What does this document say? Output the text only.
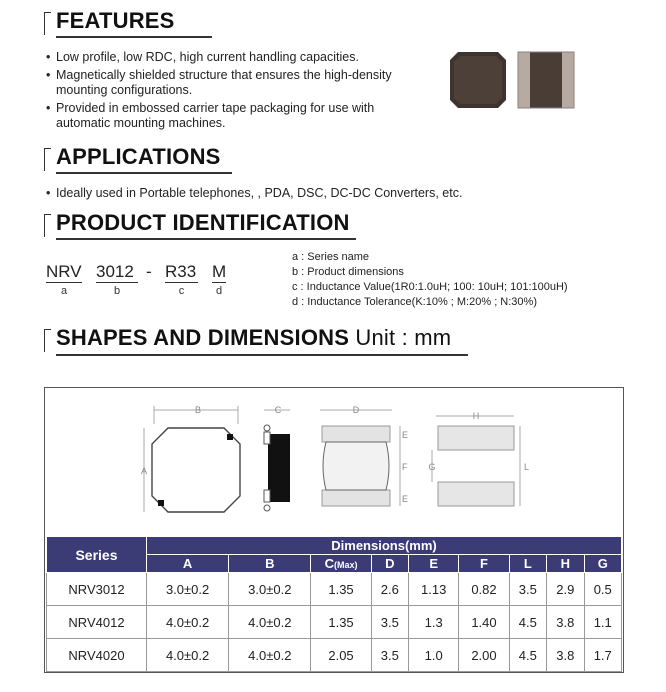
FEATURES
• Low profile, low RDC, high current handling capacities.
• Magnetically shielded structure that ensures the high-density mounting configurations.
• Provided in embossed carrier tape packaging for use with automatic mounting machines.
APPLICATIONS
• Ideally used in Portable telephones, , PDA, DSC, DC-DC Converters, etc.
PRODUCT IDENTIFICATION
NRV 3012 - R33 M
a	b	c	d
a : Series name
b : Product dimensions
c : Inductance Value(1R0:1.0uH; 100: 10uH; 101:100uH)
d : Inductance Tolerance(K:10% ; M:20% ; N:30%)
SHAPES AND DIMENSIONS Unit : mm
B
A
C	D
E
F
E
H
G	L
Series	Dimensions(mm)								
	A	B	C(Max)	D	E	F	L	H	G
NRV3012	3.0±0.2	3.0±0.2	1.35	2.6	1.13	0.82	3.5	2.9	0.5
NRV4012	4.0±0.2	4.0±0.2	1.35	3.5	1.3	1.40	4.5	3.8	1.1
NRV4020	4.0±0.2	4.0±0.2	2.05	3.5	1.0	2.00	4.5	3.8	1.7
